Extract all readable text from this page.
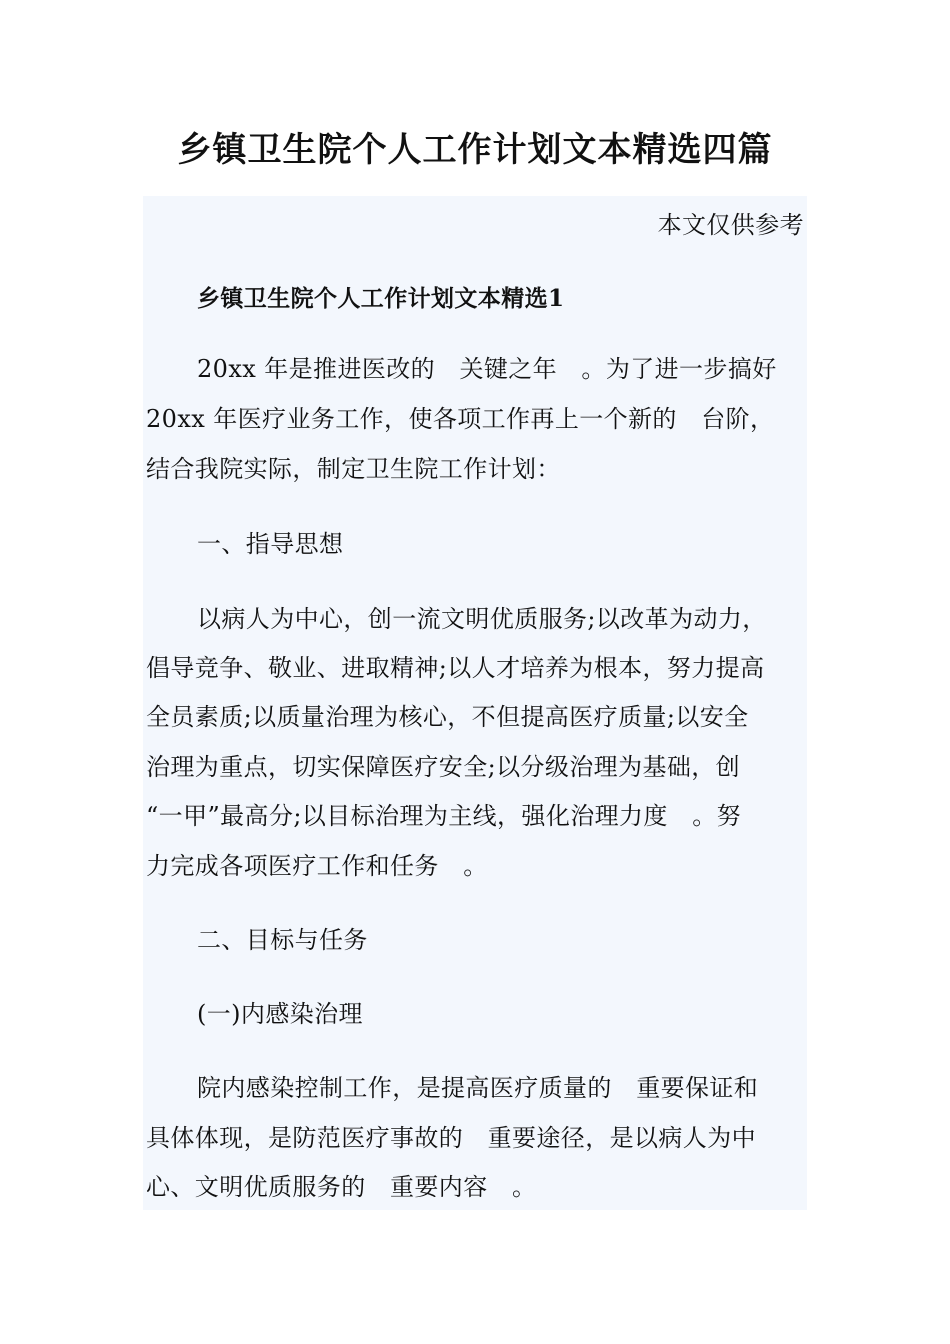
乡镇卫生院个人工作计划文本精选四篇

本文仅供参考

乡镇卫生院个人工作计划文本精选1

20xx 年是推进医改的　关键之年　。为了进一步搞好

20xx 年医疗业务工作，使各项工作再上一个新的　台阶，

结合我院实际，制定卫生院工作计划：

一、指导思想

以病人为中心，创一流文明优质服务;以改革为动力，

倡导竞争、敬业、进取精神;以人才培养为根本，努力提高

全员素质;以质量治理为核心，不但提高医疗质量;以安全

治理为重点，切实保障医疗安全;以分级治理为基础，创

“一甲”最高分;以目标治理为主线，强化治理力度　。努

力完成各项医疗工作和任务　。

二、目标与任务

(一)内感染治理

院内感染控制工作，是提高医疗质量的　重要保证和

具体体现，是防范医疗事故的　重要途径，是以病人为中

心、文明优质服务的　重要内容　。
